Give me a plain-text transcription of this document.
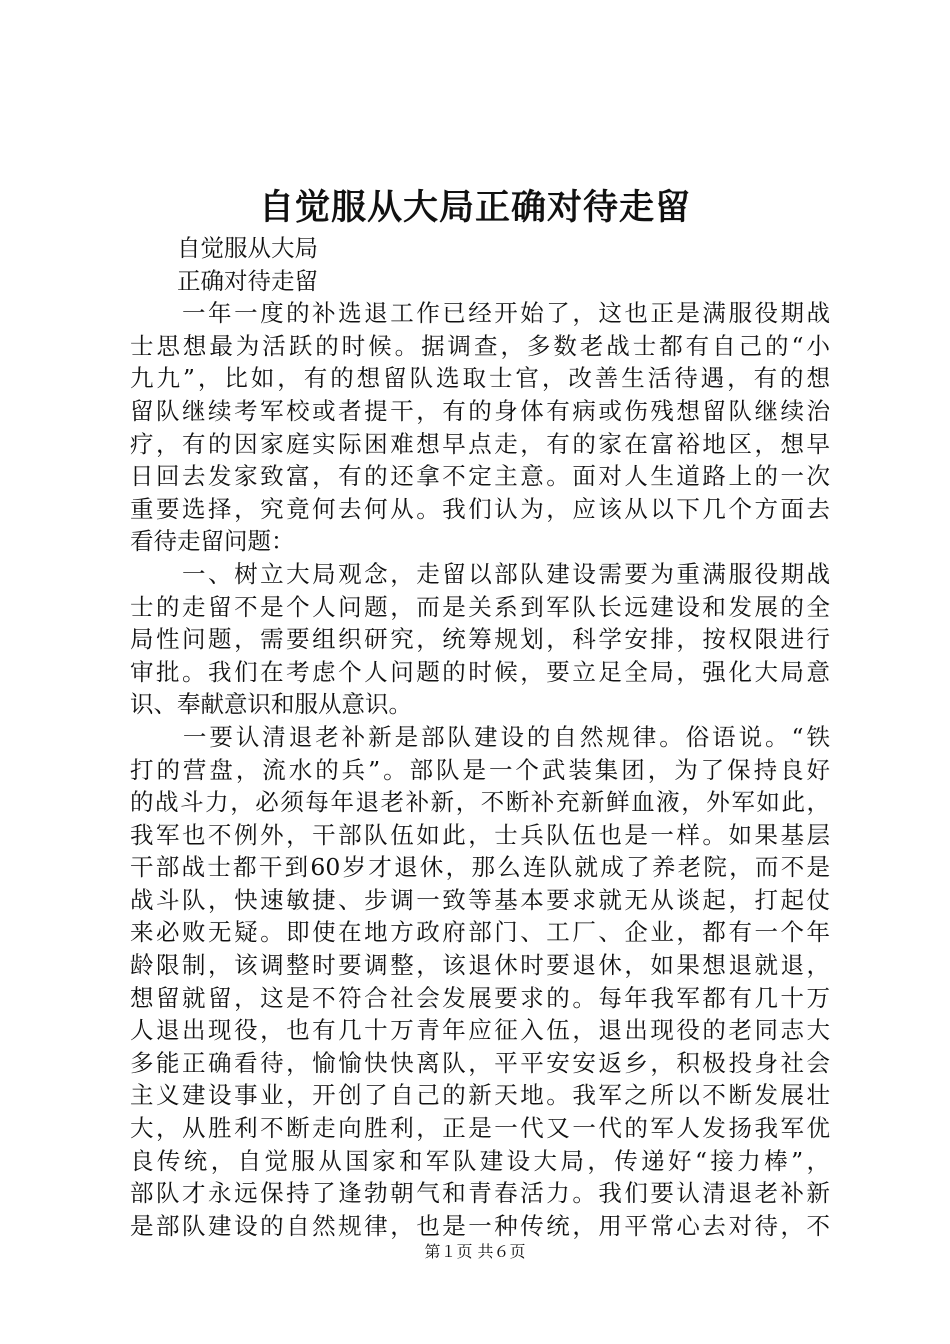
自觉服从大局正确对待走留
　　自觉服从大局
　　正确对待走留
　　一年一度的补选退工作已经开始了，这也正是满服役期战
士思想最为活跃的时候。据调查，多数老战士都有自己的“小
九九”，比如，有的想留队选取士官，改善生活待遇，有的想
留队继续考军校或者提干，有的身体有病或伤残想留队继续治
疗，有的因家庭实际困难想早点走，有的家在富裕地区，想早
日回去发家致富，有的还拿不定主意。面对人生道路上的一次
重要选择，究竟何去何从。我们认为，应该从以下几个方面去
看待走留问题：
　　一、树立大局观念，走留以部队建设需要为重满服役期战
士的走留不是个人问题，而是关系到军队长远建设和发展的全
局性问题，需要组织研究，统筹规划，科学安排，按权限进行
审批。我们在考虑个人问题的时候，要立足全局，强化大局意
识、奉献意识和服从意识。
　　一要认清退老补新是部队建设的自然规律。俗语说。“铁
打的营盘，流水的兵”。部队是一个武装集团，为了保持良好
的战斗力，必须每年退老补新，不断补充新鲜血液，外军如此，
我军也不例外，干部队伍如此，士兵队伍也是一样。如果基层
干部战士都干到60岁才退休，那么连队就成了养老院，而不是
战斗队，快速敏捷、步调一致等基本要求就无从谈起，打起仗
来必败无疑。即使在地方政府部门、工厂、企业，都有一个年
龄限制，该调整时要调整，该退休时要退休，如果想退就退，
想留就留，这是不符合社会发展要求的。每年我军都有几十万
人退出现役，也有几十万青年应征入伍，退出现役的老同志大
多能正确看待，愉愉快快离队，平平安安返乡，积极投身社会
主义建设事业，开创了自己的新天地。我军之所以不断发展壮
大，从胜利不断走向胜利，正是一代又一代的军人发扬我军优
良传统，自觉服从国家和军队建设大局，传递好“接力棒”，
部队才永远保持了逢勃朝气和青春活力。我们要认清退老补新
是部队建设的自然规律，也是一种传统，用平常心去对待，不
第１页 共６页
